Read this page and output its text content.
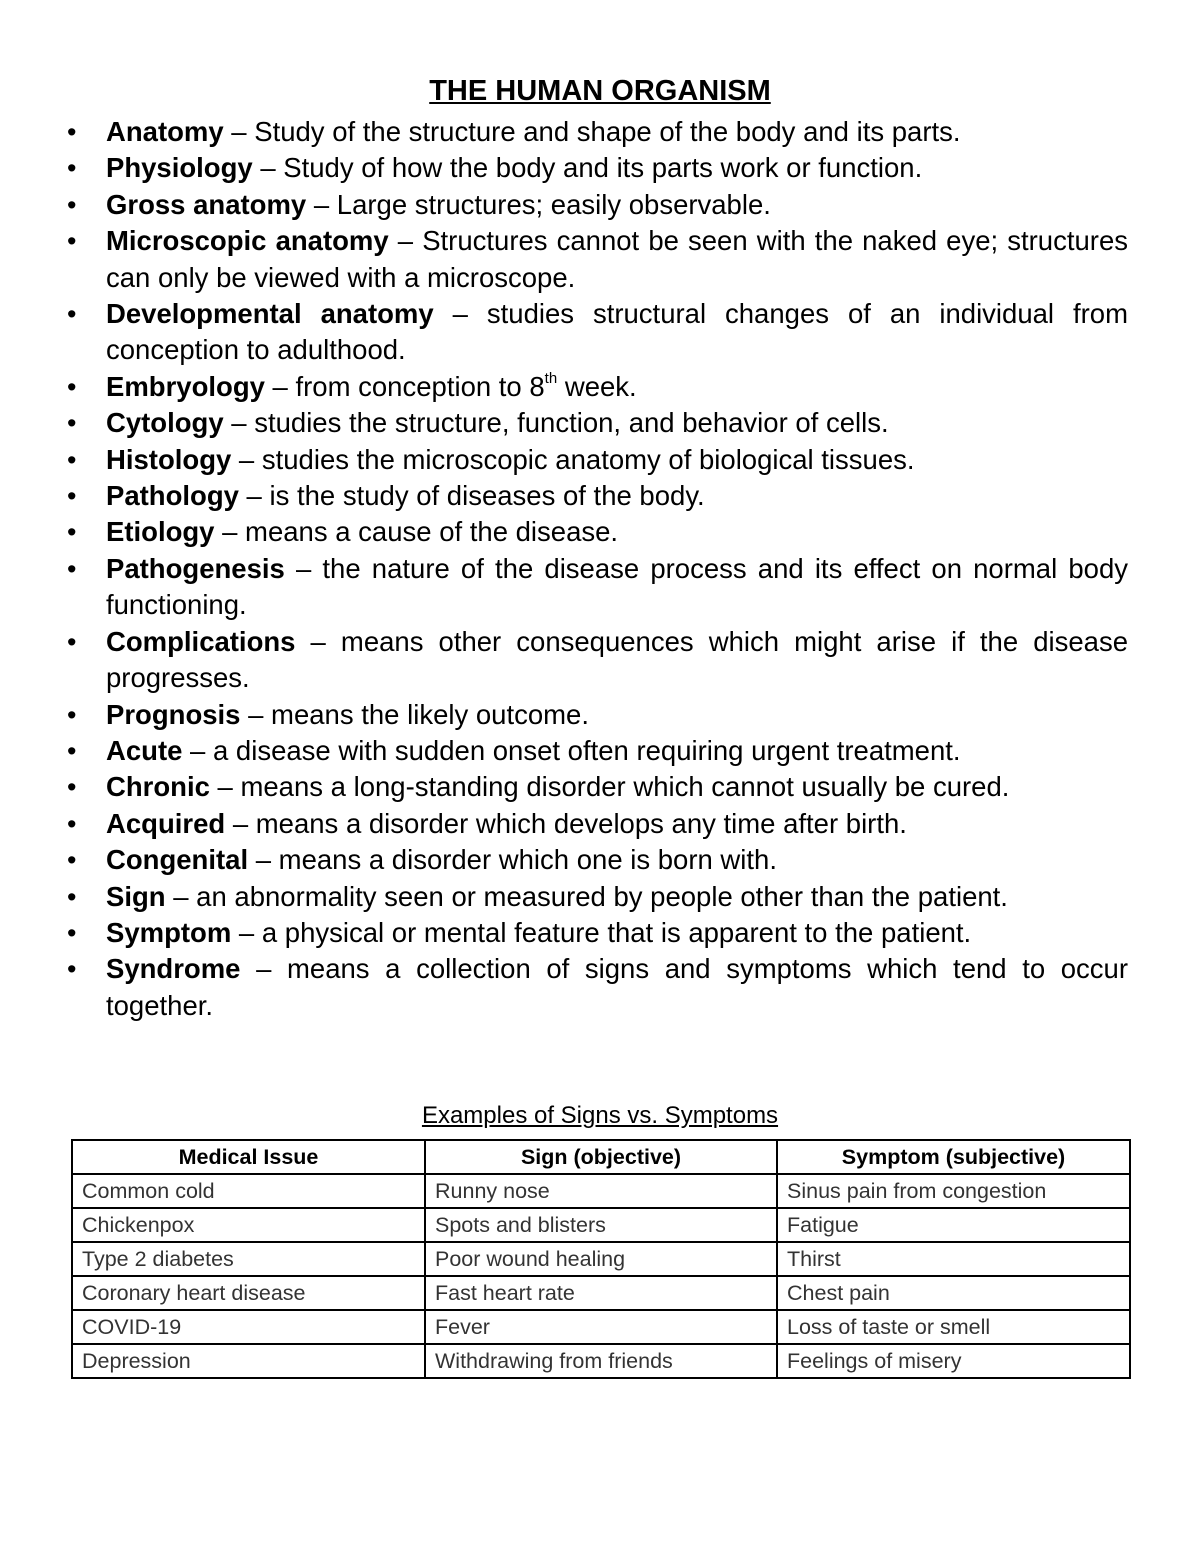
THE HUMAN ORGANISM
• Anatomy – Study of the structure and shape of the body and its parts.
• Physiology – Study of how the body and its parts work or function.
• Gross anatomy – Large structures; easily observable.
• Microscopic anatomy – Structures cannot be seen with the naked eye; structures can only be viewed with a microscope.
• Developmental anatomy – studies structural changes of an individual from conception to adulthood.
• Embryology – from conception to 8th week.
• Cytology – studies the structure, function, and behavior of cells.
• Histology – studies the microscopic anatomy of biological tissues.
• Pathology – is the study of diseases of the body.
• Etiology – means a cause of the disease.
• Pathogenesis – the nature of the disease process and its effect on normal body functioning.
• Complications – means other consequences which might arise if the disease progresses.
• Prognosis – means the likely outcome.
• Acute – a disease with sudden onset often requiring urgent treatment.
• Chronic – means a long-standing disorder which cannot usually be cured.
• Acquired – means a disorder which develops any time after birth.
• Congenital – means a disorder which one is born with.
• Sign – an abnormality seen or measured by people other than the patient.
• Symptom – a physical or mental feature that is apparent to the patient.
• Syndrome – means a collection of signs and symptoms which tend to occur together.
Examples of Signs vs. Symptoms
Medical Issue	Sign (objective)	Symptom (subjective)
Common cold	Runny nose	Sinus pain from congestion
Chickenpox	Spots and blisters	Fatigue
Type 2 diabetes	Poor wound healing	Thirst
Coronary heart disease	Fast heart rate	Chest pain
COVID-19	Fever	Loss of taste or smell
Depression	Withdrawing from friends	Feelings of misery
